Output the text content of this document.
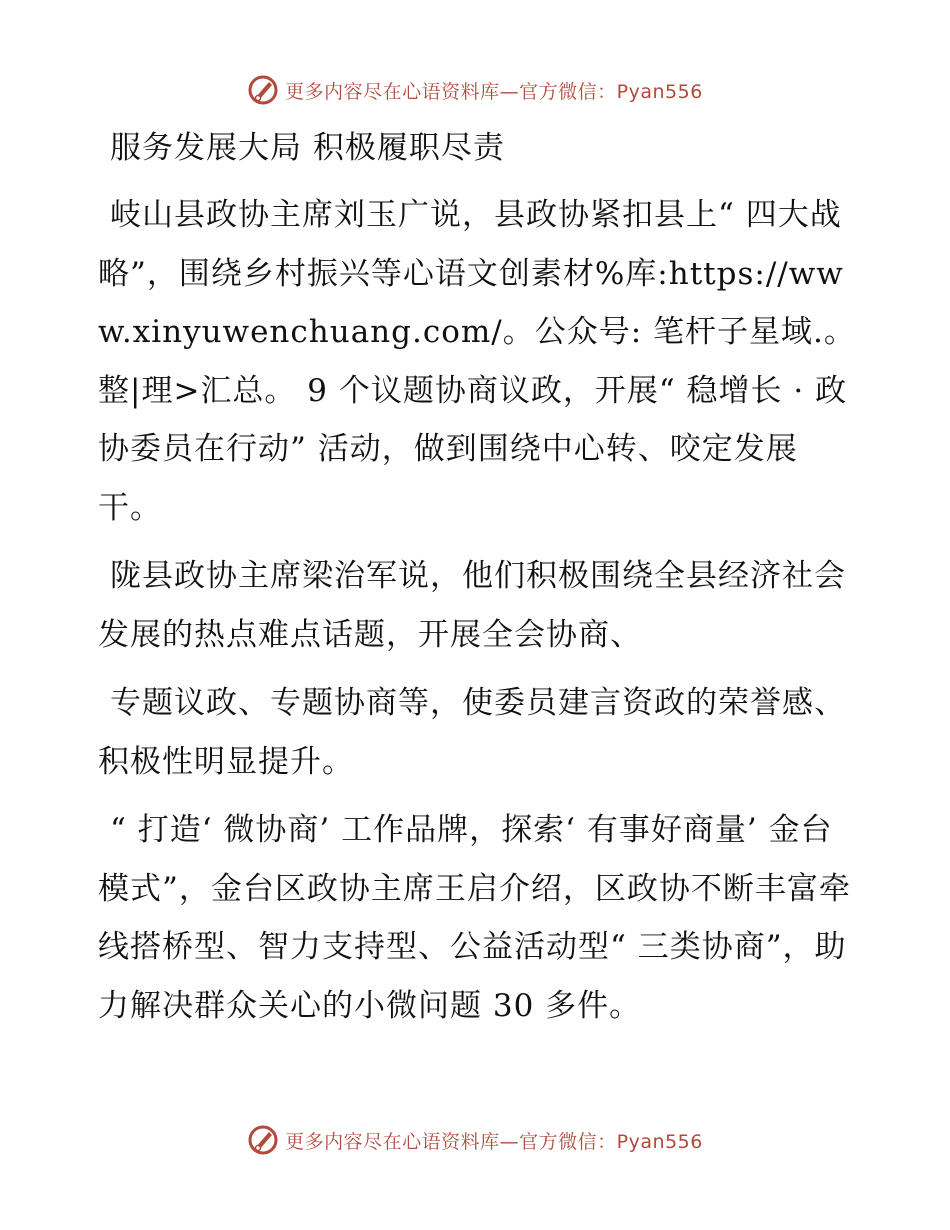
更多内容尽在心语资料库—官方微信：Pyan556
服务发展大局 积极履职尽责

岐山县政协主席刘玉广说，县政协紧扣县上“ 四大战略”，围绕乡村振兴等心语文创素材%库:https://www.xinyuwenchuang.com/。公众号: 笔杆子星域.。整|理>汇总。 9 个议题协商议政，开展“ 稳增长 · 政协委员在行动” 活动，做到围绕中心转、咬定发展干。

陇县政协主席梁治军说，他们积极围绕全县经济社会发展的热点难点话题，开展全会协商、

专题议政、专题协商等，使委员建言资政的荣誉感、积极性明显提升。

“ 打造‘ 微协商’ 工作品牌，探索‘ 有事好商量’ 金台模式”，金台区政协主席王启介绍，区政协不断丰富牵线搭桥型、智力支持型、公益活动型“ 三类协商”，助力解决群众关心的小微问题 30 多件。

更多内容尽在心语资料库—官方微信：Pyan556
